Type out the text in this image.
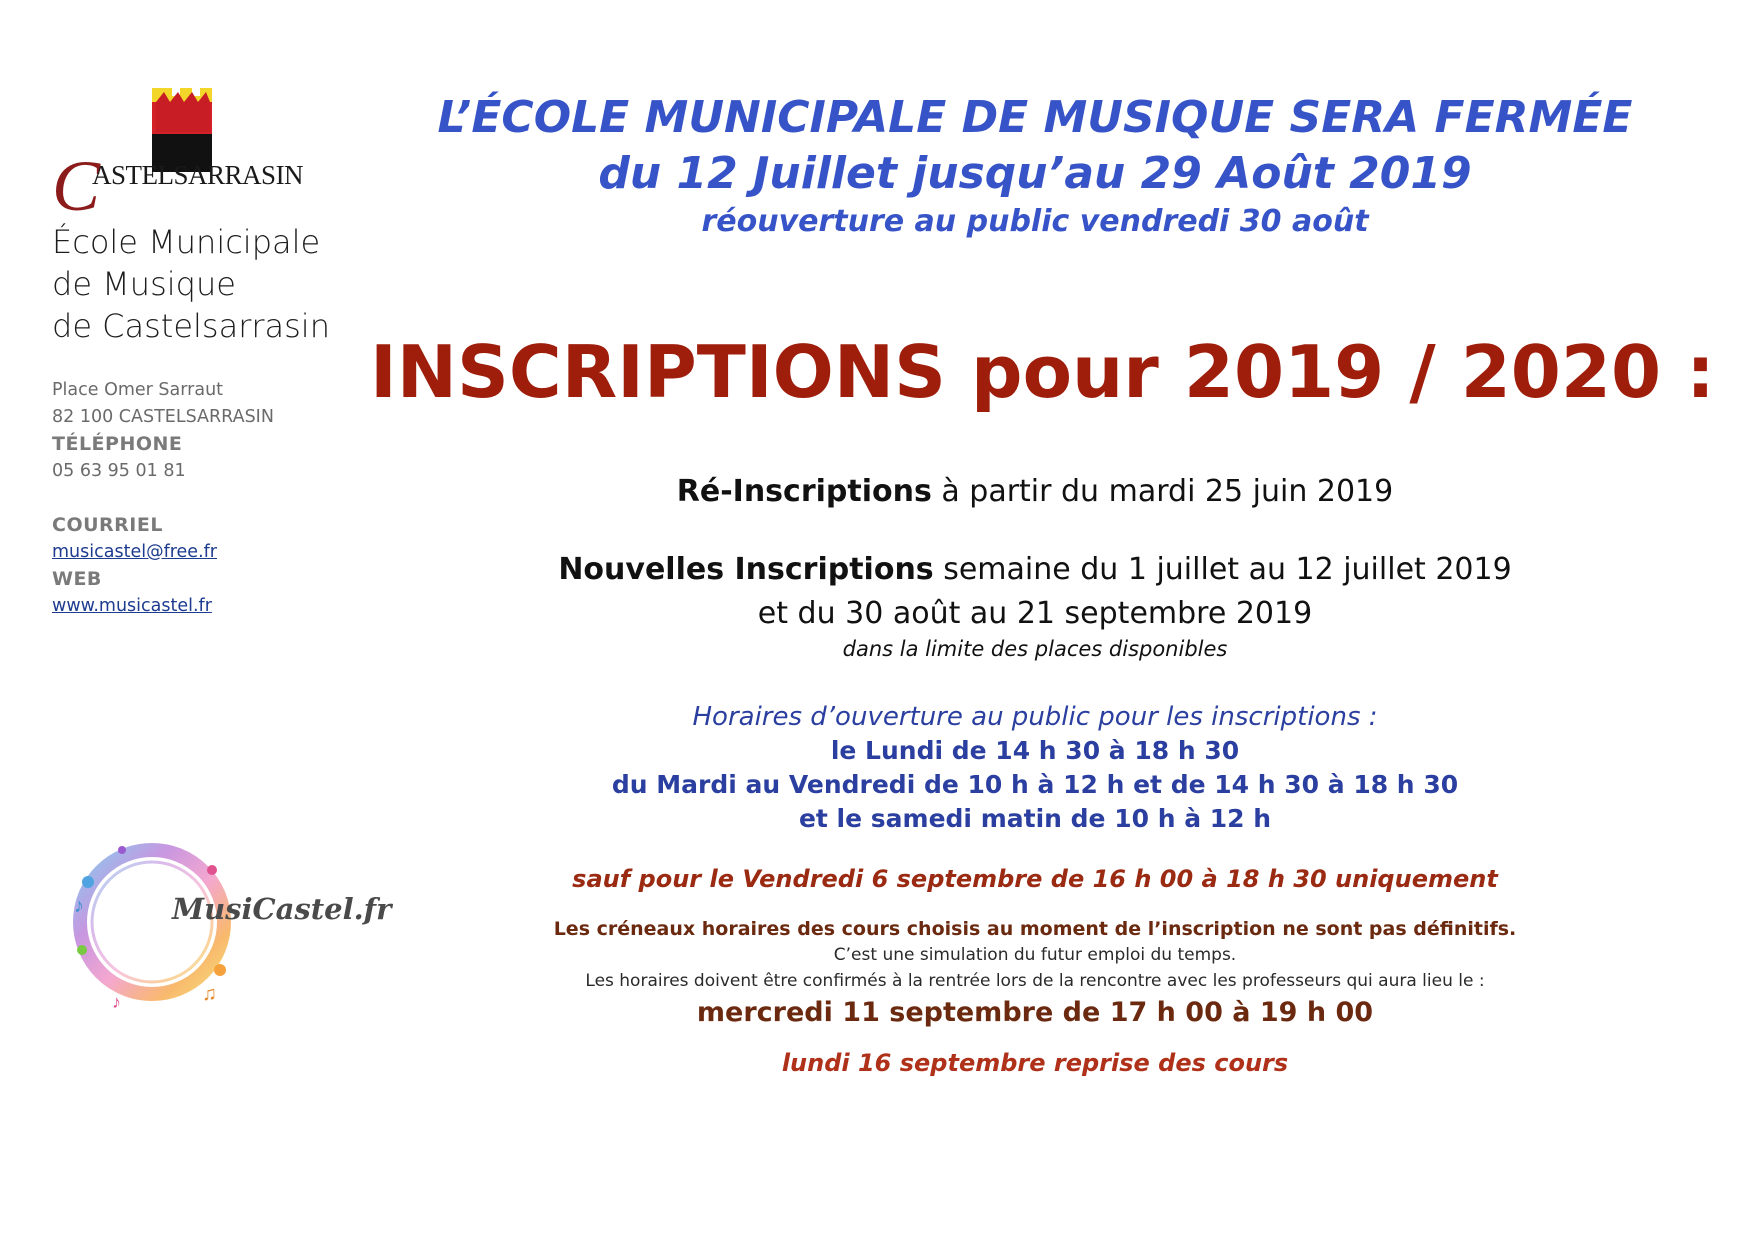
CASTELSARRASIN
École Municipale
de Musique
de Castelsarrasin
Place Omer Sarraut
82 100 CASTELSARRASIN
TÉLÉPHONE
05 63 95 01 81
COURRIEL
musicastel@free.fr
WEB
www.musicastel.fr
♪
♫
♪
MusiCastel.fr
L’ÉCOLE MUNICIPALE DE MUSIQUE SERA FERMÉE
du 12 Juillet jusqu’au 29 Août 2019
réouverture au public vendredi 30 août
INSCRIPTIONS pour 2019 / 2020 :
Ré-Inscriptions à partir du mardi 25 juin 2019
Nouvelles Inscriptions semaine du 1 juillet au 12 juillet 2019
et du 30 août au 21 septembre 2019
dans la limite des places disponibles
Horaires d’ouverture au public pour les inscriptions :
le Lundi de 14 h 30 à 18 h 30
du Mardi au Vendredi de 10 h à 12 h et de 14 h 30 à 18 h 30
et le samedi matin de 10 h à 12 h
sauf pour le Vendredi 6 septembre de 16 h 00 à 18 h 30 uniquement
Les créneaux horaires des cours choisis au moment de l’inscription ne sont pas définitifs.
C’est une simulation du futur emploi du temps.
Les horaires doivent être confirmés à la rentrée lors de la rencontre avec les professeurs qui aura lieu le :
mercredi 11 septembre de 17 h 00 à 19 h 00
lundi 16 septembre reprise des cours
